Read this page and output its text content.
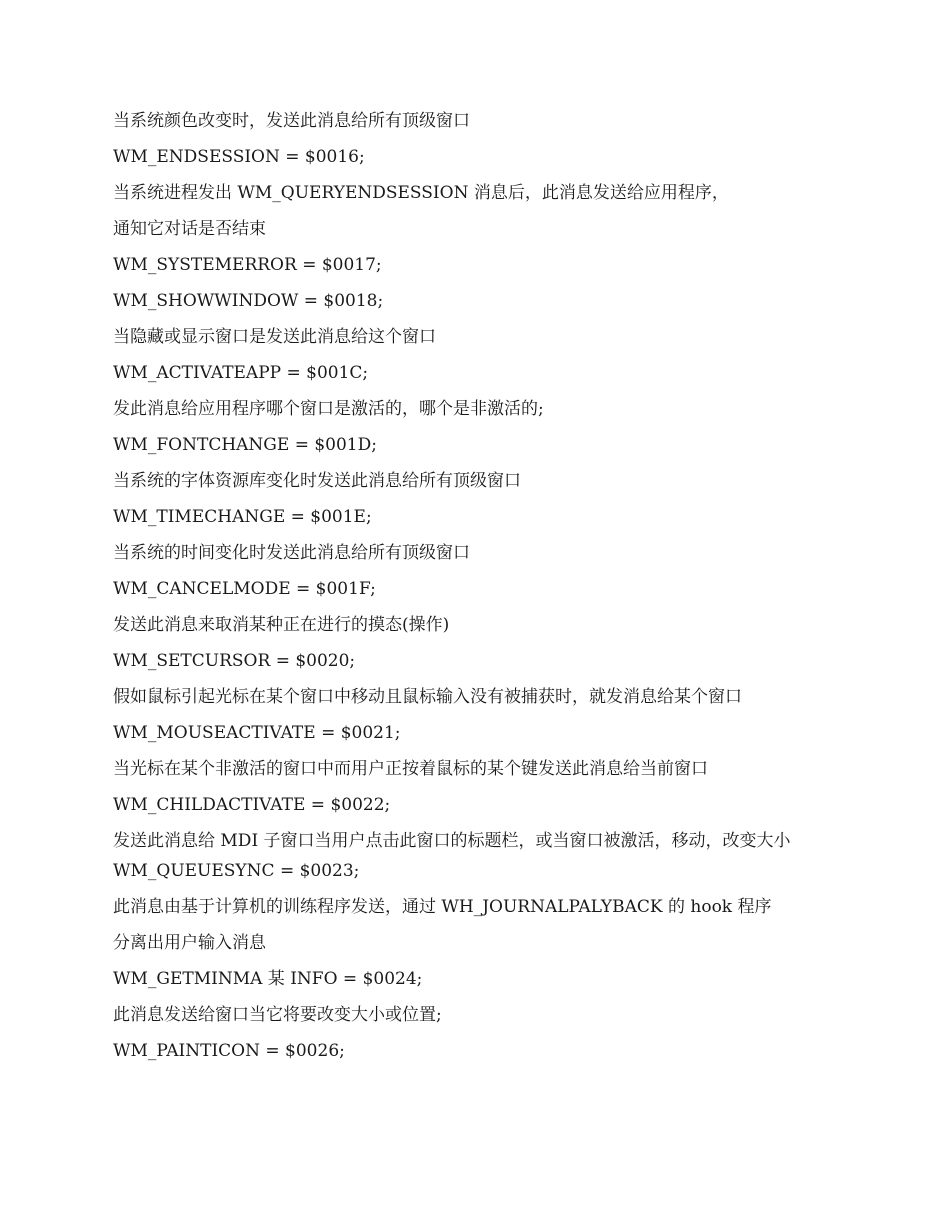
当系统颜色改变时，发送此消息给所有顶级窗口

WM_ENDSESSION = $0016;

当系统进程发出 WM_QUERYENDSESSION 消息后，此消息发送给应用程序，

通知它对话是否结束

WM_SYSTEMERROR = $0017;

WM_SHOWWINDOW = $0018;

当隐藏或显示窗口是发送此消息给这个窗口

WM_ACTIVATEAPP = $001C;

发此消息给应用程序哪个窗口是激活的，哪个是非激活的;

WM_FONTCHANGE = $001D;

当系统的字体资源库变化时发送此消息给所有顶级窗口

WM_TIMECHANGE = $001E;

当系统的时间变化时发送此消息给所有顶级窗口

WM_CANCELMODE = $001F;

发送此消息来取消某种正在进行的摸态(操作)

WM_SETCURSOR = $0020;

假如鼠标引起光标在某个窗口中移动且鼠标输入没有被捕获时，就发消息给某个窗口

WM_MOUSEACTIVATE = $0021;

当光标在某个非激活的窗口中而用户正按着鼠标的某个键发送此消息给当前窗口

WM_CHILDACTIVATE = $0022;

发送此消息给 MDI 子窗口当用户点击此窗口的标题栏，或当窗口被激活，移动，改变大小

WM_QUEUESYNC = $0023;

此消息由基于计算机的训练程序发送，通过 WH_JOURNALPALYBACK 的 hook 程序

分离出用户输入消息

WM_GETMINMA 某 INFO = $0024;

此消息发送给窗口当它将要改变大小或位置;

WM_PAINTICON = $0026;
